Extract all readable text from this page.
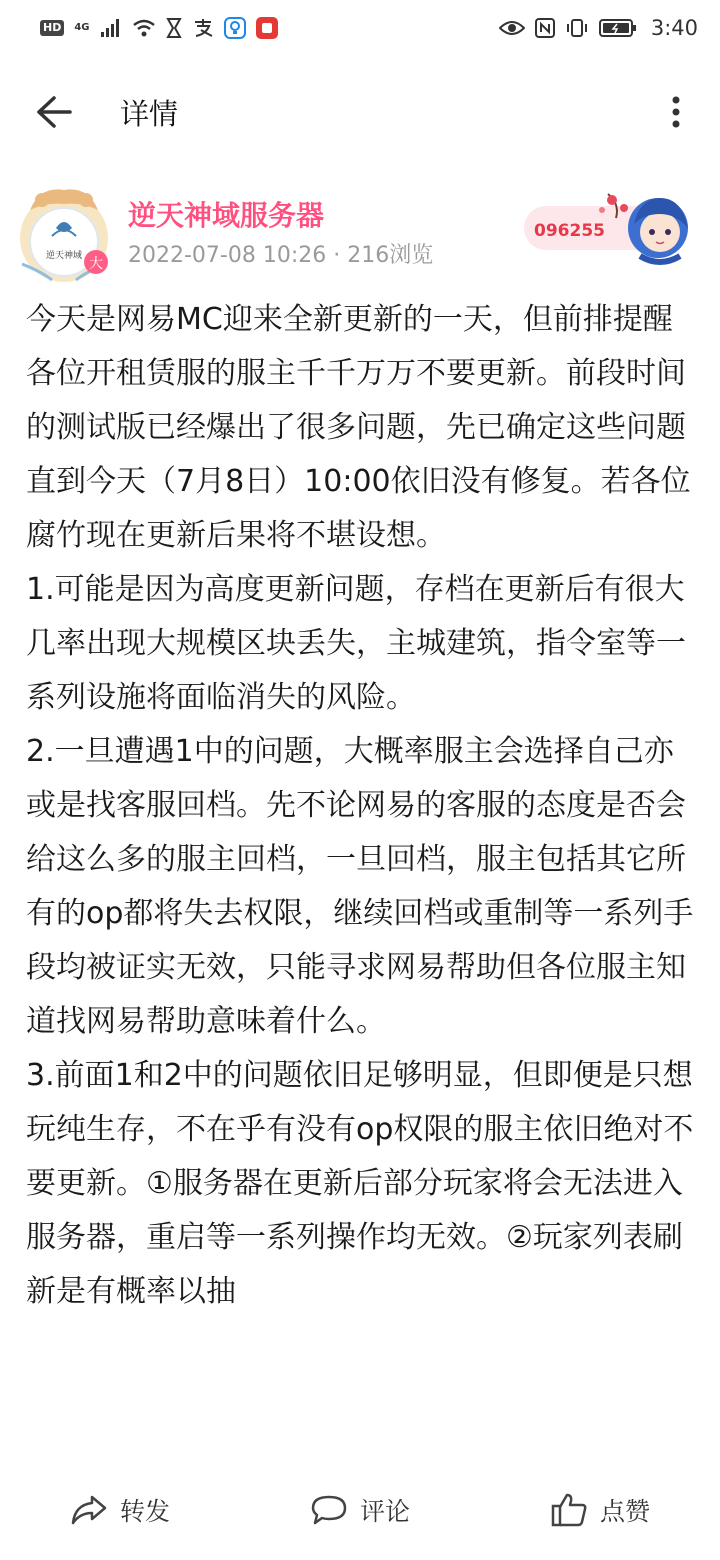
HD	4G	3:40
详情
逆天神域 大
逆天神域服务器
2022-07-08 10:26 · 216浏览
096255

今天是网易MC迎来全新更新的一天，但前排提醒各位开租赁服的服主千千万万不要更新。前段时间的测试版已经爆出了很多问题，先已确定这些问题直到今天（7月8日）10:00依旧没有修复。若各位腐竹现在更新后果将不堪设想。

1.可能是因为高度更新问题，存档在更新后有很大几率出现大规模区块丢失，主城建筑，指令室等一系列设施将面临消失的风险。

2.一旦遭遇1中的问题，大概率服主会选择自己亦或是找客服回档。先不论网易的客服的态度是否会给这么多的服主回档，一旦回档，服主包括其它所有的op都将失去权限，继续回档或重制等一系列手段均被证实无效，只能寻求网易帮助但各位服主知道找网易帮助意味着什么。

3.前面1和2中的问题依旧足够明显，但即便是只想玩纯生存，不在乎有没有op权限的服主依旧绝对不要更新。①服务器在更新后部分玩家将会无法进入服务器，重启等一系列操作均无效。②玩家列表刷新是有概率以抽

转发	评论	点赞
